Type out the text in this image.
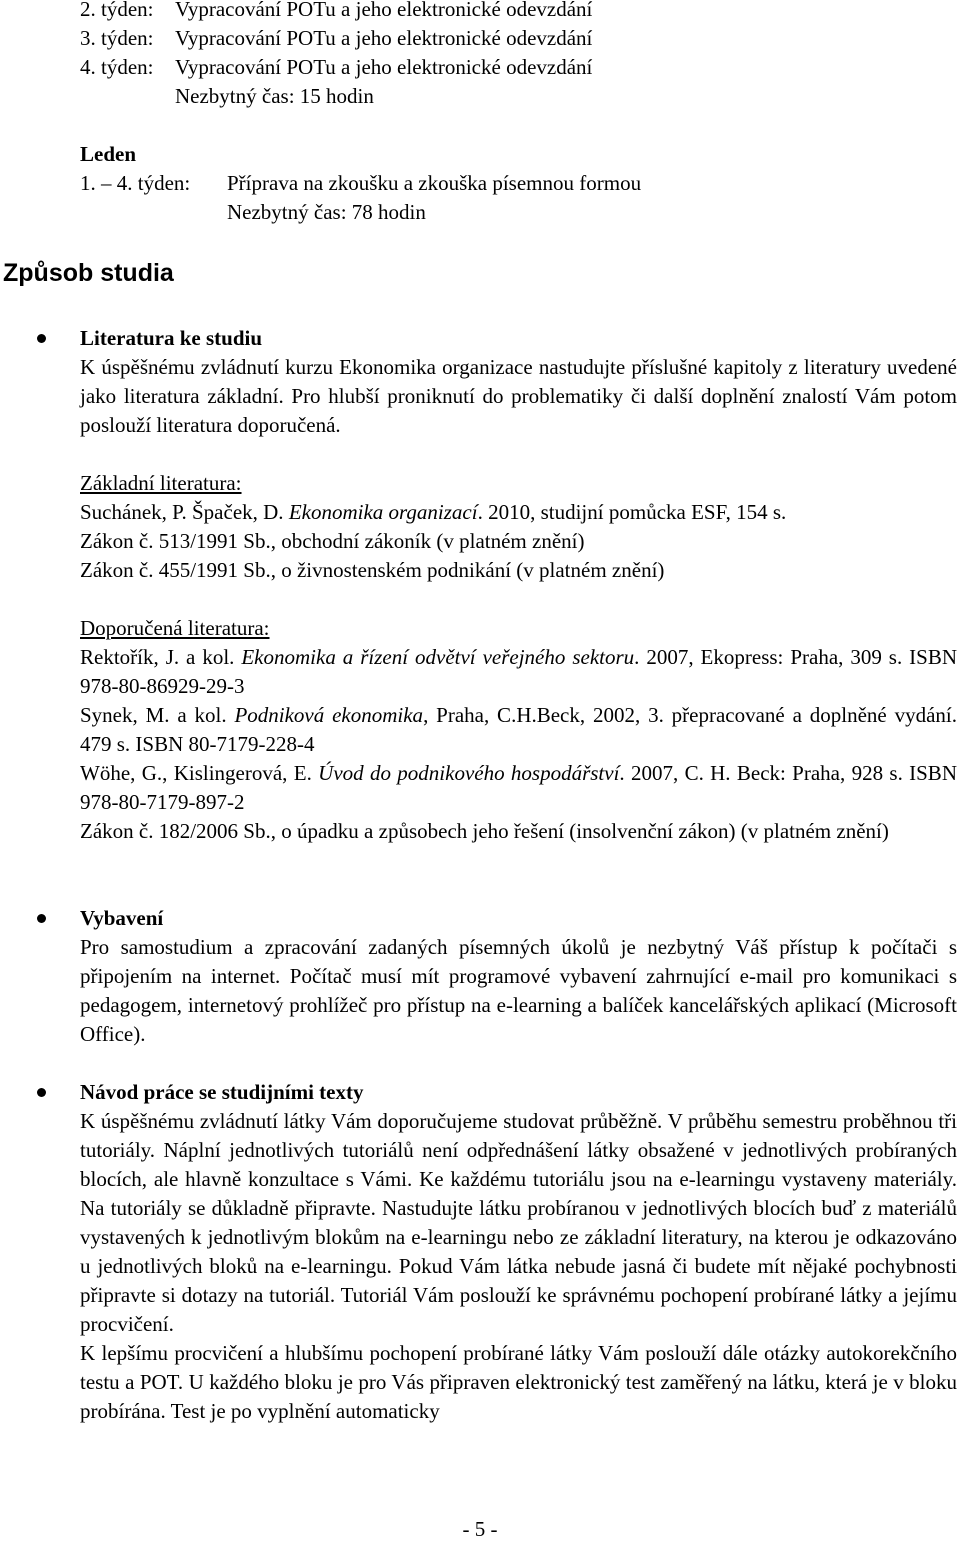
2. týden: Vypracování POTu a jeho elektronické odevzdání
3. týden: Vypracování POTu a jeho elektronické odevzdání
4. týden: Vypracování POTu a jeho elektronické odevzdání
Nezbytný čas: 15 hodin
Leden
1. – 4. týden: Příprava na zkoušku a zkouška písemnou formou
Nezbytný čas: 78 hodin
Způsob studia
Literatura ke studiu

K úspěšnému zvládnutí kurzu Ekonomika organizace nastudujte příslušné kapitoly z literatury uvedené jako literatura základní. Pro hlubší proniknutí do problematiky či další doplnění znalostí Vám potom poslouží literatura doporučená.

Základní literatura:
Suchánek, P. Špaček, D. Ekonomika organizací. 2010, studijní pomůcka ESF, 154 s.
Zákon č. 513/1991 Sb., obchodní zákoník (v platném znění)
Zákon č. 455/1991 Sb., o živnostenském podnikání (v platném znění)
Doporučená literatura:

Rektořík, J. a kol. Ekonomika a řízení odvětví veřejného sektoru. 2007, Ekopress: Praha, 309 s. ISBN 978-80-86929-29-3

Synek, M. a kol. Podniková ekonomika, Praha, C.H.Beck, 2002, 3. přepracované a doplněné vydání. 479 s. ISBN 80-7179-228-4

Wöhe, G., Kislingerová, E. Úvod do podnikového hospodářství. 2007, C. H. Beck: Praha, 928 s. ISBN 978-80-7179-897-2

Zákon č. 182/2006 Sb., o úpadku a způsobech jeho řešení (insolvenční zákon) (v platném znění)

Vybavení

Pro samostudium a zpracování zadaných písemných úkolů je nezbytný Váš přístup k počítači s připojením na internet. Počítač musí mít programové vybavení zahrnující e-mail pro komunikaci s pedagogem, internetový prohlížeč pro přístup na e-learning a balíček kancelářských aplikací (Microsoft Office).

Návod práce se studijními texty

K úspěšnému zvládnutí látky Vám doporučujeme studovat průběžně. V průběhu semestru proběhnou tři tutoriály. Náplní jednotlivých tutoriálů není odpřednášení látky obsažené v jednotlivých probíraných blocích, ale hlavně konzultace s Vámi. Ke každému tutoriálu jsou na e-learningu vystaveny materiály. Na tutoriály se důkladně připravte. Nastudujte látku probíranou v jednotlivých blocích buď z materiálů vystavených k jednotlivým blokům na e-learningu nebo ze základní literatury, na kterou je odkazováno u jednotlivých bloků na e-learningu. Pokud Vám látka nebude jasná či budete mít nějaké pochybnosti připravte si dotazy na tutoriál. Tutoriál Vám poslouží ke správnému pochopení probírané látky a jejímu procvičení.

K lepšímu procvičení a hlubšímu pochopení probírané látky Vám poslouží dále otázky autokorekčního testu a POT. U každého bloku je pro Vás připraven elektronický test zaměřený na látku, která je v bloku probírána. Test je po vyplnění automaticky

- 5 -
